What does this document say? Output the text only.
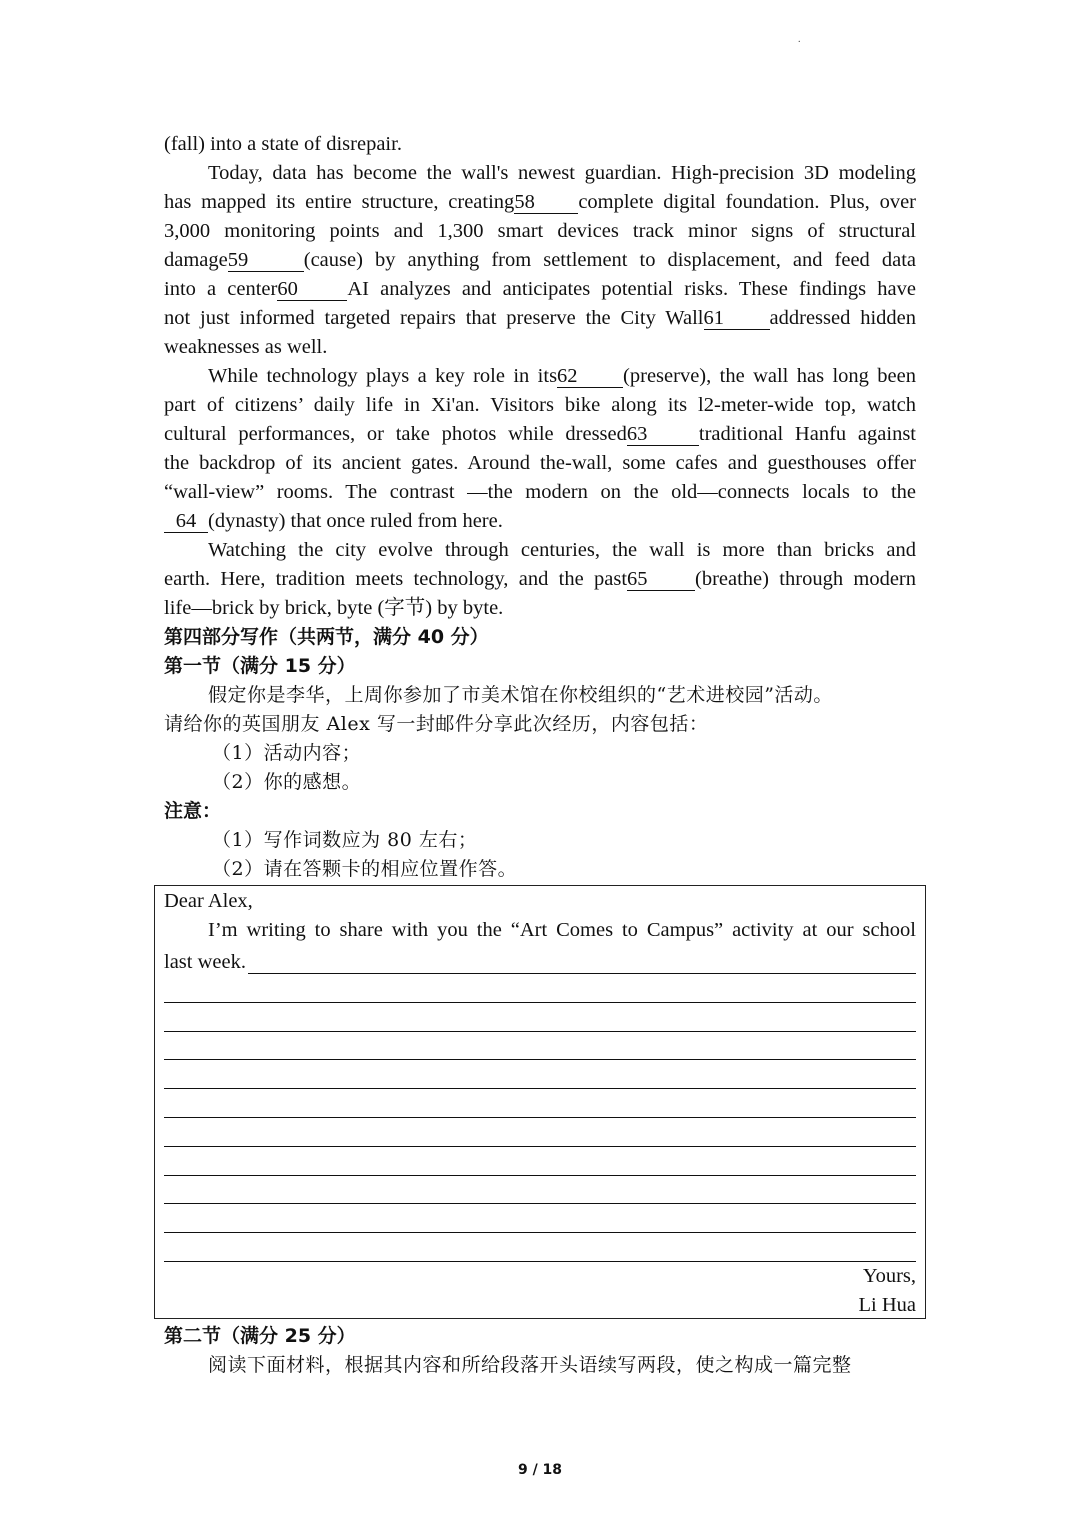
.
(fall) into a state of disrepair.
Today, data has become the wall's newest guardian. High-precision 3D modeling
has mapped its entire structure, creating58 complete digital foundation. Plus, over
3,000 monitoring points and 1,300 smart devices track minor signs of structural
damage59	(cause) by anything from settlement to displacement, and feed data
into a center60 AI analyzes and anticipates potential risks. These findings have
not just informed targeted repairs that preserve the City Wall61 addressed hidden
weaknesses as well.
While technology plays a key role in its62 (preserve), the wall has long been
part of citizens’ daily life in Xi'an. Visitors bike along its l2-meter-wide top, watch
cultural performances, or take photos while dressed63	traditional Hanfu against
the backdrop of its ancient gates. Around the-wall, some cafes and guesthouses offer
“wall-view” rooms. The contrast —the modern on the old—connects locals to the
64 (dynasty) that once ruled from here.
Watching the city evolve through centuries, the wall is more than bricks and
earth. Here, tradition meets technology, and the past65 (breathe) through modern
life—brick by brick, byte (字节) by byte.
第四部分写作（共两节，满分 40 分）
第一节（满分 15 分）
假定你是李华，上周你参加了市美术馆在你校组织的“艺术进校园”活动。
请给你的英国朋友 Alex 写一封邮件分享此次经历，内容包括：
（1）活动内容；
（2）你的感想。
注意：
（1）写作词数应为 80 左右；
（2）请在答颗卡的相应位置作答。
Dear Alex,
I’m writing to share with you the “Art Comes to Campus” activity at our school
last week.
Yours,
Li Hua
第二节（满分 25 分）
阅读下面材料，根据其内容和所给段落开头语续写两段，使之构成一篇完整
9 / 18
